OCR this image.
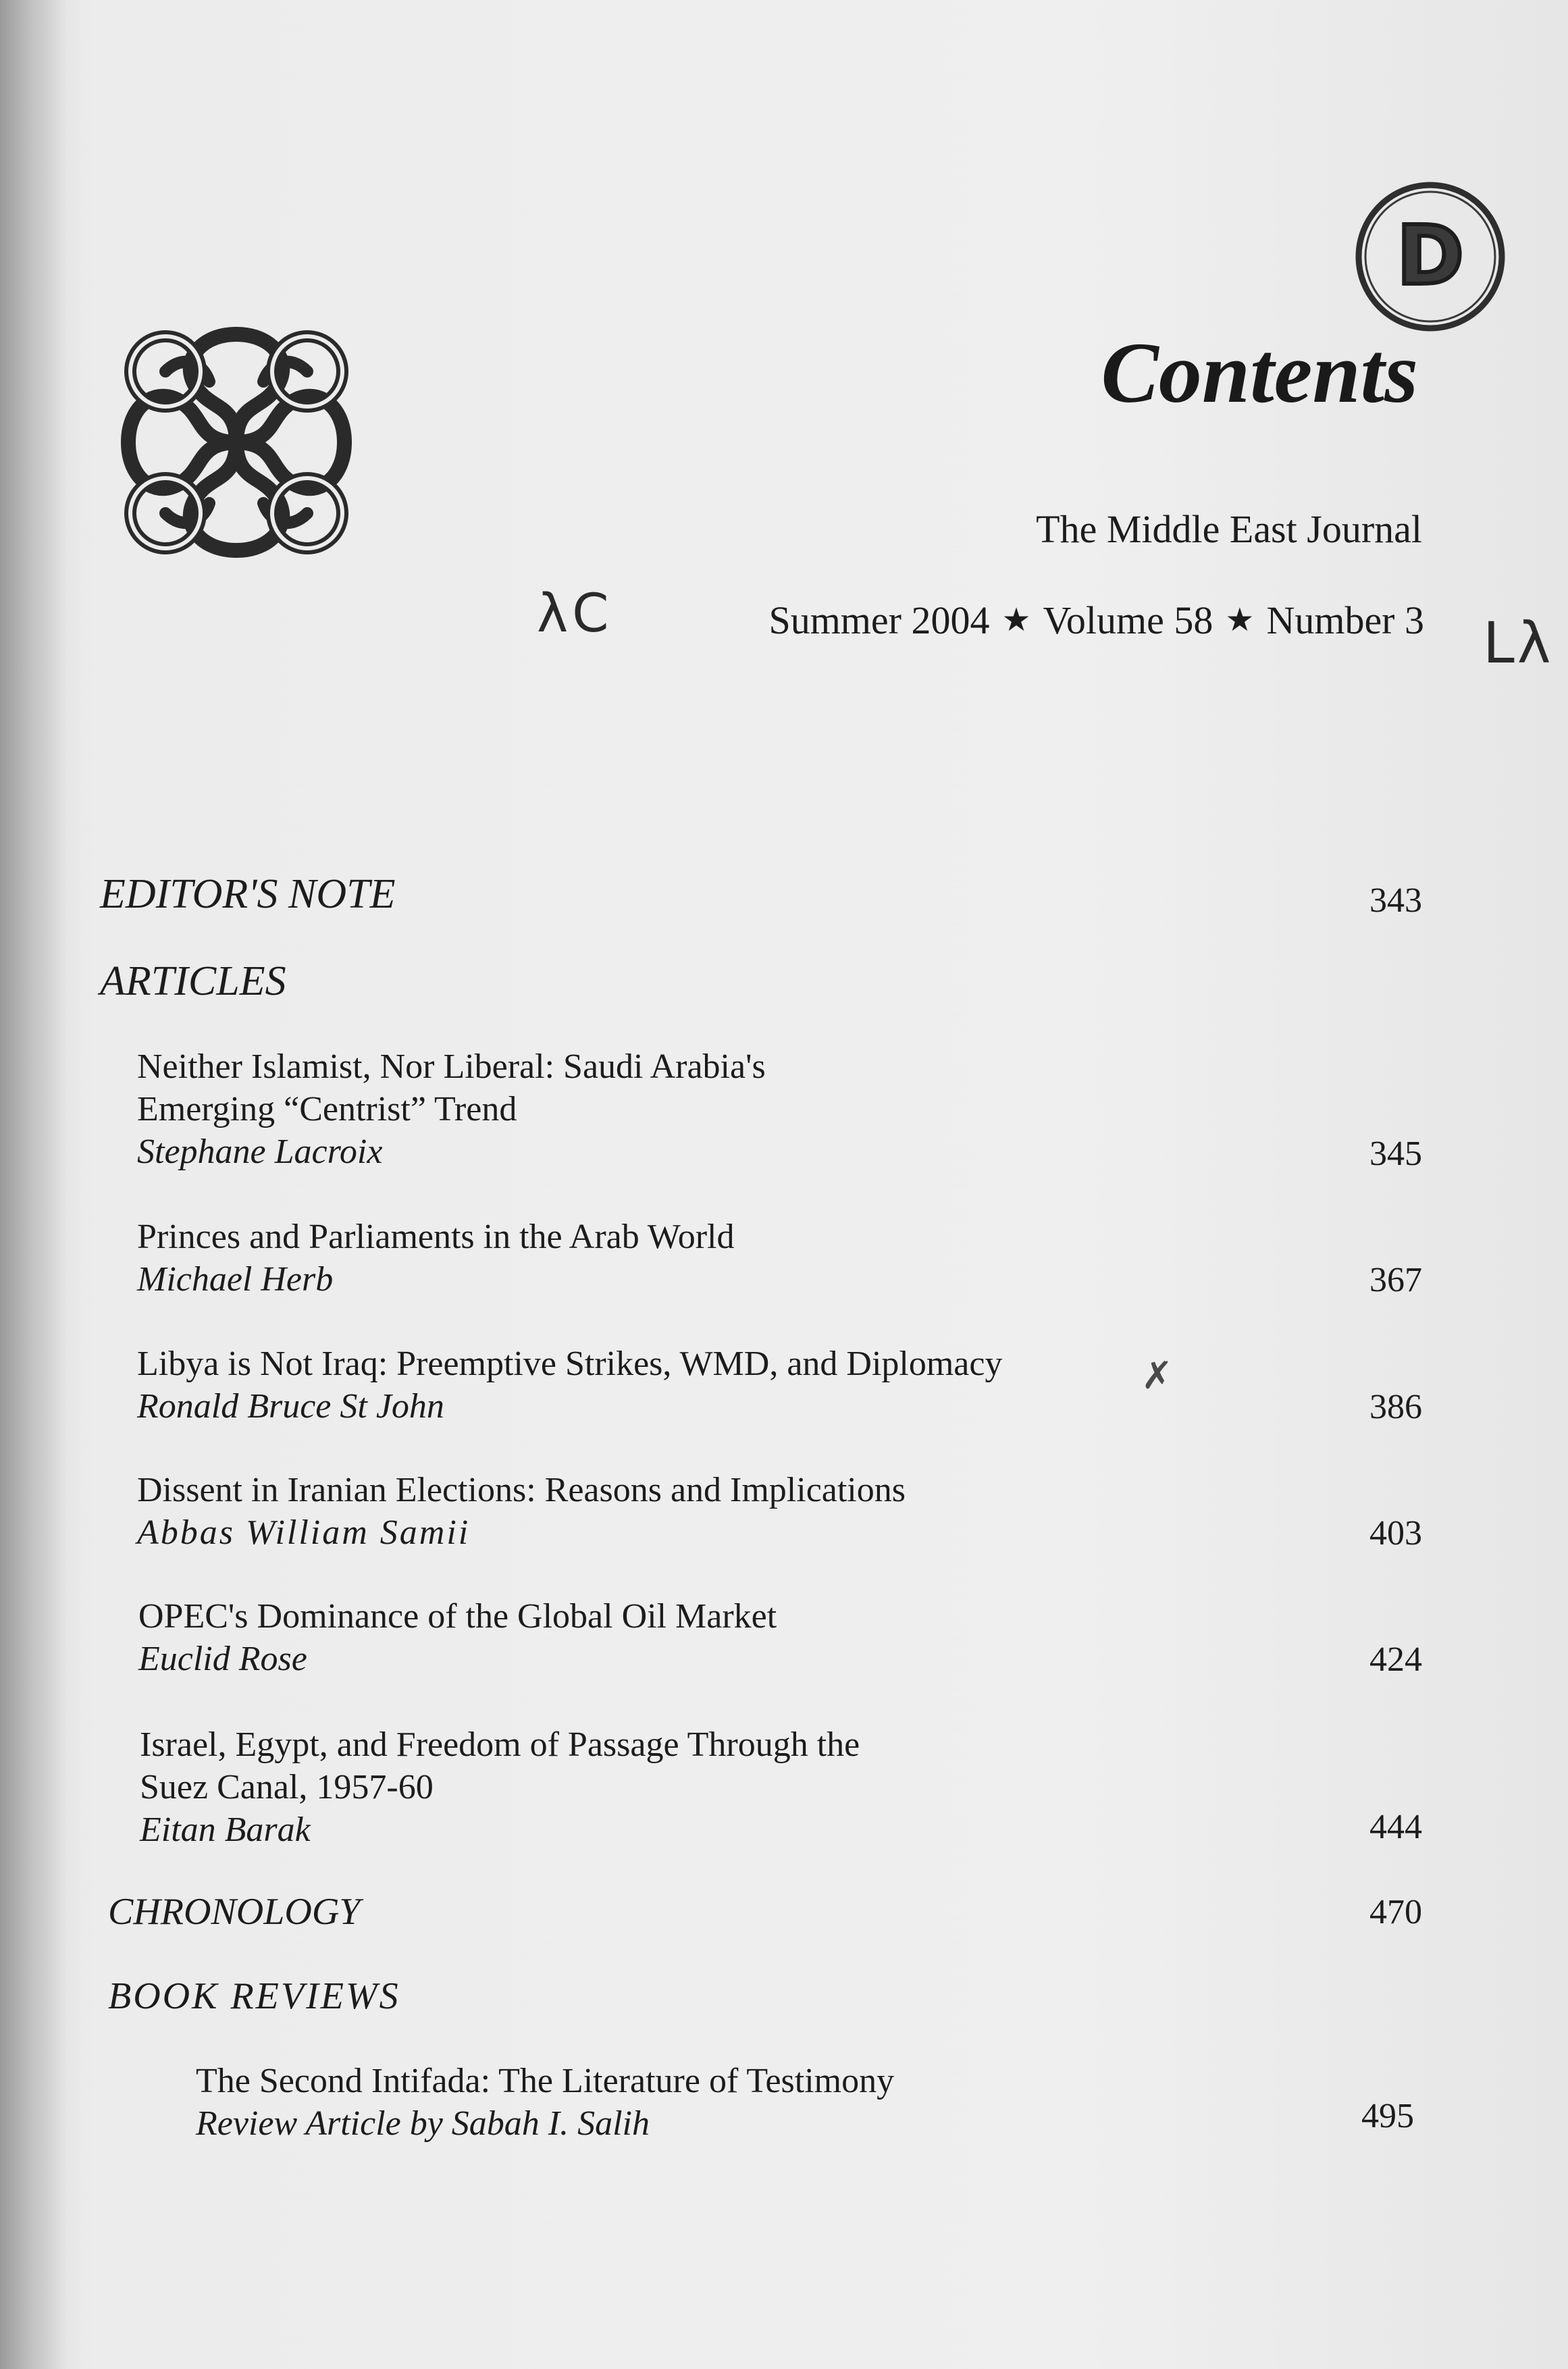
D
Contents
The Middle East Journal
Summer 2004 ★ Volume 58 ★ Number 3
λC	Lλ
✗
EDITOR'S NOTE	343
ARTICLES
Neither Islamist, Nor Liberal: Saudi Arabia's
Emerging “Centrist” Trend
Stephane Lacroix	345
Princes and Parliaments in the Arab World
Michael Herb	367
Libya is Not Iraq: Preemptive Strikes, WMD, and Diplomacy
Ronald Bruce St John	386
Dissent in Iranian Elections: Reasons and Implications
Abbas William Samii	403
OPEC's Dominance of the Global Oil Market
Euclid Rose	424
Israel, Egypt, and Freedom of Passage Through the
Suez Canal, 1957-60
Eitan Barak	444
CHRONOLOGY	470
BOOK REVIEWS
The Second Intifada: The Literature of Testimony
Review Article by Sabah I. Salih	495
